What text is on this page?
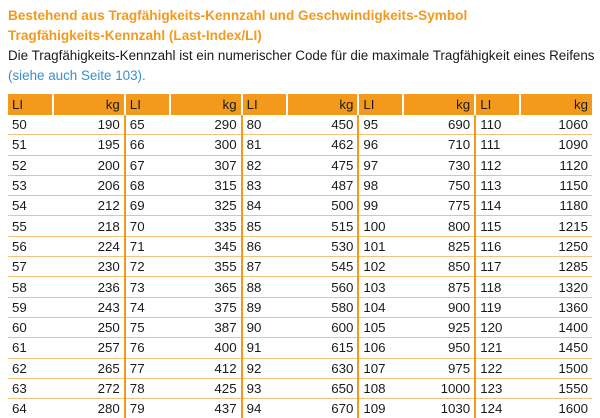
Bestehend aus Tragfähigkeits-Kennzahl und Geschwindigkeits-Symbol
Tragfähigkeits-Kennzahl (Last-Index/LI)
Die Tragfähigkeits-Kennzahl ist ein numerischer Code für die maximale Tragfähigkeit eines Reifens
(siehe auch Seite 103).
LI	kg	LI	kg	LI	kg	LI	kg	LI	kg
50	190	65	290	80	450	95	690	110	1060
51	195	66	300	81	462	96	710	111	1090
52	200	67	307	82	475	97	730	112	1120
53	206	68	315	83	487	98	750	113	1150
54	212	69	325	84	500	99	775	114	1180
55	218	70	335	85	515	100	800	115	1215
56	224	71	345	86	530	101	825	116	1250
57	230	72	355	87	545	102	850	117	1285
58	236	73	365	88	560	103	875	118	1320
59	243	74	375	89	580	104	900	119	1360
60	250	75	387	90	600	105	925	120	1400
61	257	76	400	91	615	106	950	121	1450
62	265	77	412	92	630	107	975	122	1500
63	272	78	425	93	650	108	1000	123	1550
64	280	79	437	94	670	109	1030	124	1600
